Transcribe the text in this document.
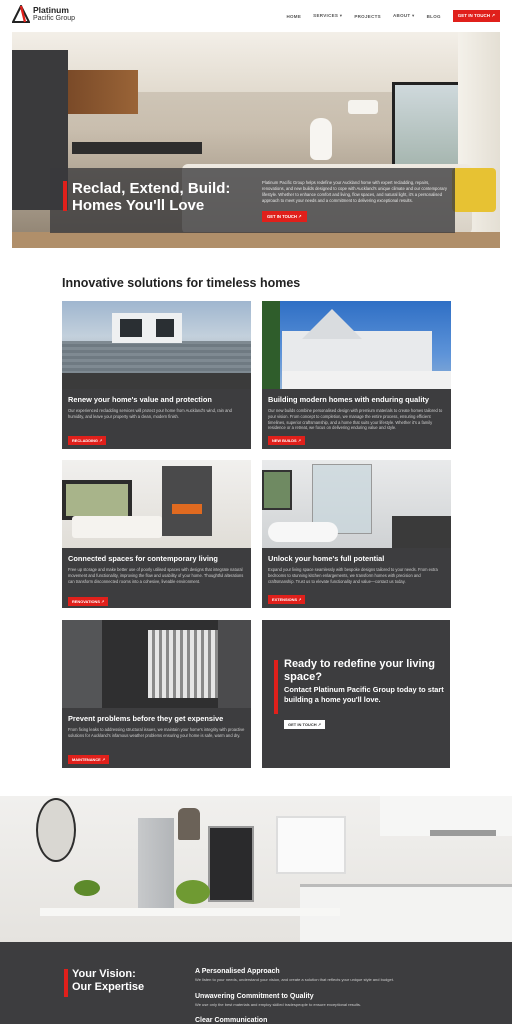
Platinum
Pacific Group	HOME	SERVICES ▾	PROJECTS	ABOUT ▾	BLOG	GET IN TOUCH ↗
Reclad, Extend, Build:
Homes You'll Love
Platinum Pacific Group helps redefine your Auckland home with expert recladding, repairs, renovations, and new builds designed to cope with Auckland's unique climate and our contemporary lifestyle. Whether to enhance comfort and living, flow spaces, and natural light, it's a personalised approach to meet your needs and a commitment to delivering exceptional results.
GET IN TOUCH ↗
Innovative solutions for timeless homes
Renew your home's value and protection
Our experienced recladding services will protect your home from Auckland's wind, rain and humidity, and leave your property with a clean, modern finish.
RECLADDING ↗
Building modern homes with enduring quality
Our new builds combine personalised design with premium materials to create homes tailored to your vision. From concept to completion, we manage the entire process, ensuring efficient timelines, superior craftsmanship, and a home that suits your lifestyle. Whether it's a family residence or a retreat, we focus on delivering enduring value and style.
NEW BUILDS ↗
Connected spaces for contemporary living
Free up storage and make better use of poorly utilised spaces with designs that integrate natural movement and functionality, improving the flow and usability of your home. Thoughtful alterations can transform disconnected rooms into a cohesive, liveable environment.
RENOVATIONS ↗
Unlock your home's full potential
Expand your living space seamlessly with bespoke designs tailored to your needs. From extra bedrooms to stunning kitchen enlargements, we transform homes with precision and craftsmanship. Trust us to elevate functionality and value—contact us today.
EXTENSIONS ↗
Prevent problems before they get expensive
From fixing leaks to addressing structural issues, we maintain your home's integrity with proactive solutions for Auckland's infamous weather problems ensuring your home is safe, warm and dry.
MAINTENANCE ↗
Ready to redefine your living space?
Contact Platinum Pacific Group today to start building a home you'll love.
GET IN TOUCH ↗
Your Vision:
Our Expertise
A Personalised Approach
We listen to your needs, understand your vision, and create a solution that reflects your unique style and budget.
Unwavering Commitment to Quality
We use only the best materials and employ skilled tradespeople to ensure exceptional results.
Clear Communication
